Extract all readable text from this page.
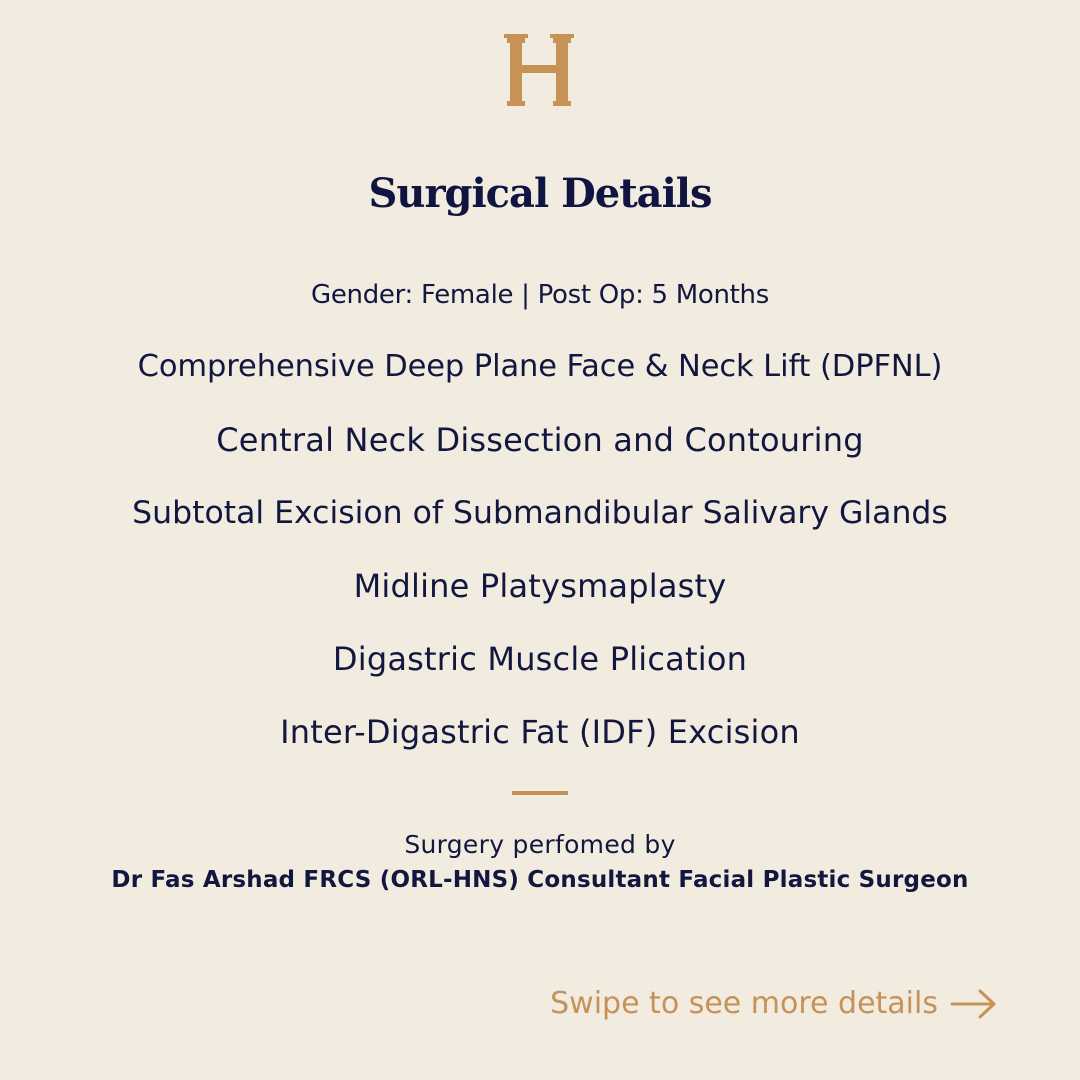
Surgical Details
Gender: Female | Post Op: 5 Months
Comprehensive Deep Plane Face & Neck Lift (DPFNL)
Central Neck Dissection and Contouring
Subtotal Excision of Submandibular Salivary Glands
Midline Platysmaplasty
Digastric Muscle Plication
Inter-Digastric Fat (IDF) Excision
Surgery perfomed by
Dr Fas Arshad FRCS (ORL-HNS) Consultant Facial Plastic Surgeon
Swipe to see more details
